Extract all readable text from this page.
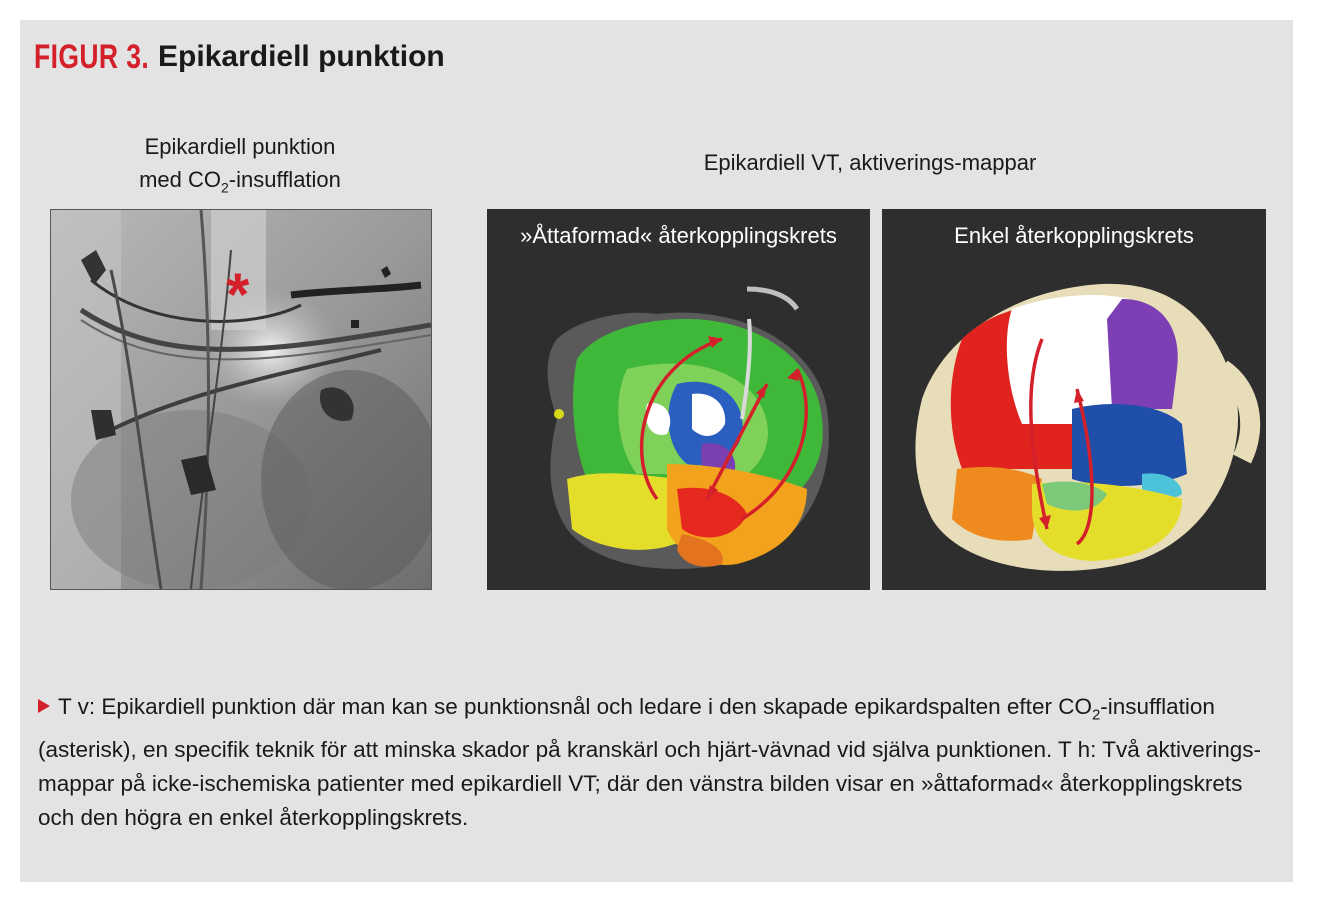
FIGUR 3. Epikardiell punktion
Epikardiell punktion
med $CO_2$-insufflation
Epikardiell VT, aktiverings-mappar
*
»Åttaformad« återkopplingskrets	Enkel återkopplingskrets
T v: Epikardiell punktion där man kan se punktionsnål och ledare i den skapade epikardspalten efter $CO_2$-insufflation (asterisk), en specifik teknik för att minska skador på kranskärl och hjärt-vävnad vid själva punktionen. T h: Två aktiverings-mappar på icke-ischemiska patienter med epikardiell VT; där den vänstra bilden visar en »åttaformad« återkopplingskrets och den högra en enkel återkopplingskrets.
